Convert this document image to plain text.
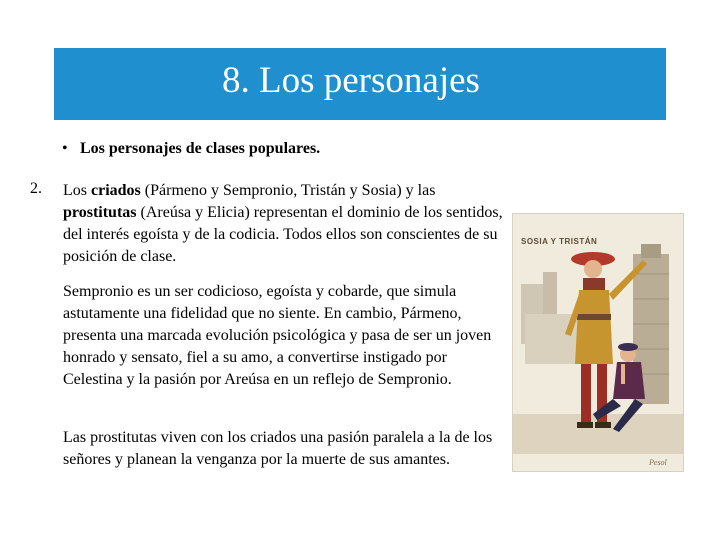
8. Los personajes
• Los personajes de clases populares.
2. Los criados (Pármeno y Sempronio, Tristán y Sosia) y las prostitutas (Areúsa y Elicia) representan el dominio de los sentidos, del interés egoísta y de la codicia. Todos ellos son conscientes de su posición de clase.
Sempronio es un ser codicioso, egoísta y cobarde, que simula astutamente una fidelidad que no siente. En cambio, Pármeno, presenta una marcada evolución psicológica y pasa de ser un joven honrado y sensato, fiel a su amo, a convertirse instigado por Celestina y la pasión por Areúsa en un reflejo de Sempronio.
Las prostitutas viven con los criados una pasión paralela a la de los señores y planean la venganza por la muerte de sus amantes.
SOSIA Y TRISTÁN
Pesol
